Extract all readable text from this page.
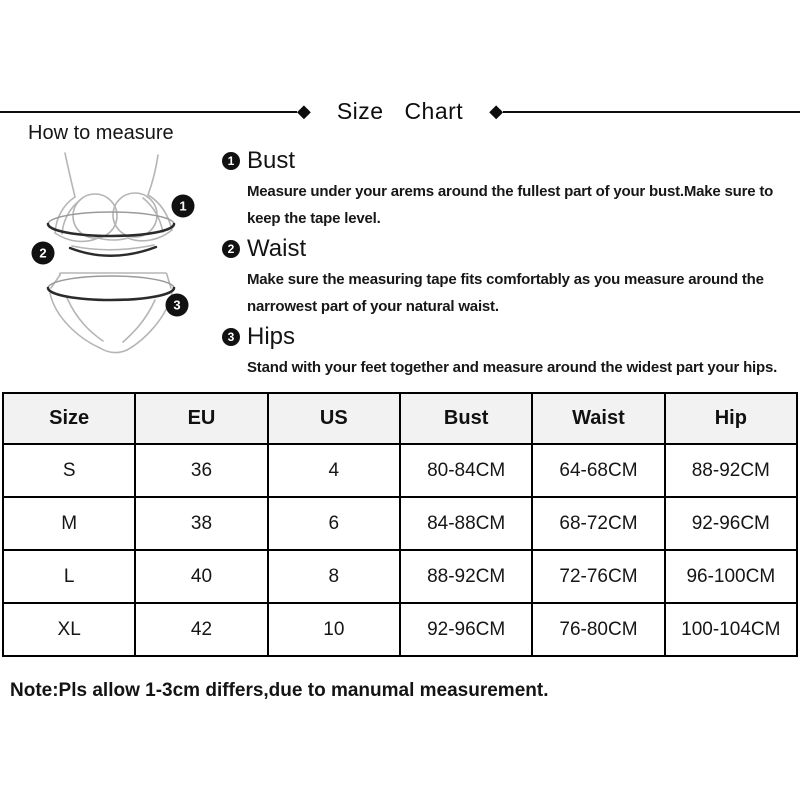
◆ Size Chart ◆
How to measure
1
2
3
1 Bust
Measure under your arems around the fullest part of your bust.Make sure to keep the tape level.
2 Waist
Make sure the measuring tape fits comfortably as you measure around the narrowest part of your natural waist.
3 Hips
Stand with your feet together and measure around the widest part your hips.
Size	EU	US	Bust	Waist	Hip
S	36	4	80-84CM	64-68CM	88-92CM
M	38	6	84-88CM	68-72CM	92-96CM
L	40	8	88-92CM	72-76CM	96-100CM
XL	42	10	92-96CM	76-80CM	100-104CM
Note:Pls allow 1-3cm differs,due to manumal measurement.
